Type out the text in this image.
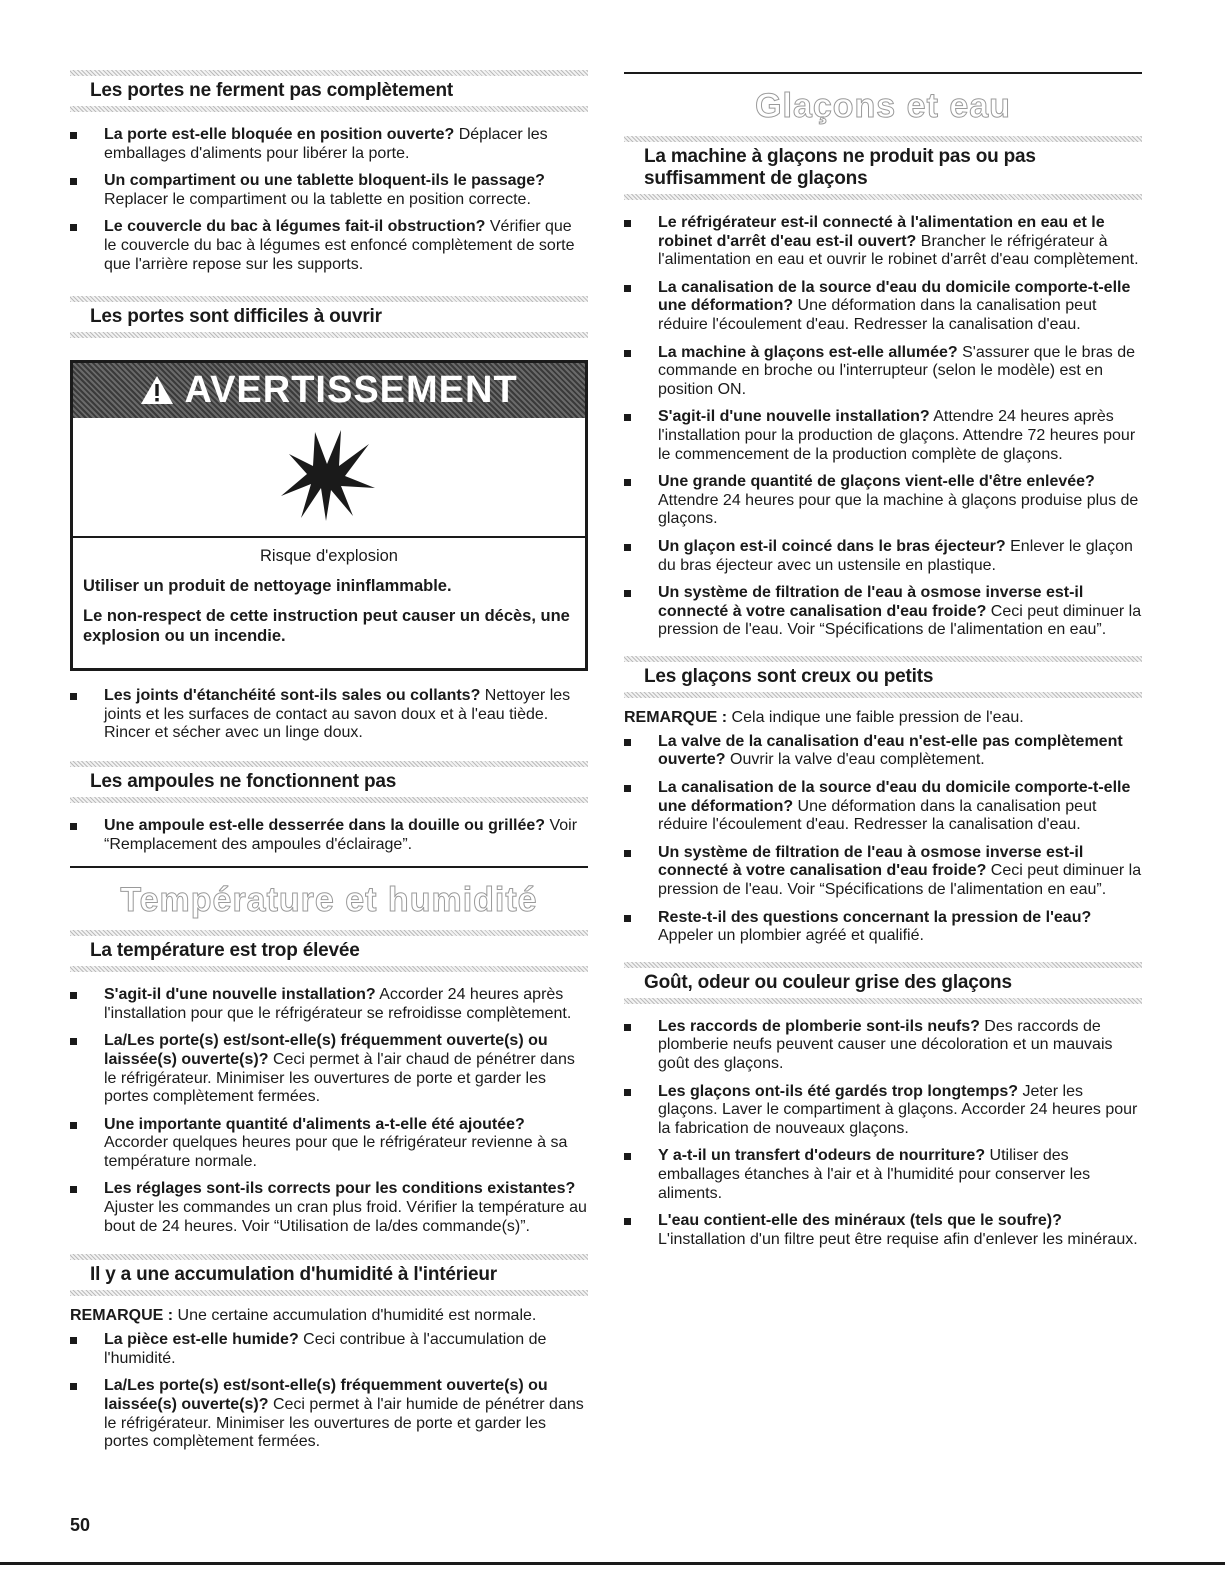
Les portes ne ferment pas complètement
La porte est-elle bloquée en position ouverte? Déplacer les emballages d'aliments pour libérer la porte.
Un compartiment ou une tablette bloquent-ils le passage? Replacer le compartiment ou la tablette en position correcte.
Le couvercle du bac à légumes fait-il obstruction? Vérifier que le couvercle du bac à légumes est enfoncé complètement de sorte que l'arrière repose sur les supports.
Les portes sont difficiles à ouvrir
AVERTISSEMENT

Risque d'explosion

Utiliser un produit de nettoyage ininflammable.

Le non-respect de cette instruction peut causer un décès, une explosion ou un incendie.

Les joints d'étanchéité sont-ils sales ou collants? Nettoyer les joints et les surfaces de contact au savon doux et à l'eau tiède. Rincer et sécher avec un linge doux.
Les ampoules ne fonctionnent pas
Une ampoule est-elle desserrée dans la douille ou grillée? Voir “Remplacement des ampoules d'éclairage”.
Température et humidité
La température est trop élevée
S'agit-il d'une nouvelle installation? Accorder 24 heures après l'installation pour que le réfrigérateur se refroidisse complètement.
La/Les porte(s) est/sont-elle(s) fréquemment ouverte(s) ou laissée(s) ouverte(s)? Ceci permet à l'air chaud de pénétrer dans le réfrigérateur. Minimiser les ouvertures de porte et garder les portes complètement fermées.
Une importante quantité d'aliments a-t-elle été ajoutée? Accorder quelques heures pour que le réfrigérateur revienne à sa température normale.
Les réglages sont-ils corrects pour les conditions existantes? Ajuster les commandes un cran plus froid. Vérifier la température au bout de 24 heures. Voir “Utilisation de la/des commande(s)”.
Il y a une accumulation d'humidité à l'intérieur

REMARQUE : Une certaine accumulation d'humidité est normale.

La pièce est-elle humide? Ceci contribue à l'accumulation de l'humidité.
La/Les porte(s) est/sont-elle(s) fréquemment ouverte(s) ou laissée(s) ouverte(s)? Ceci permet à l'air humide de pénétrer dans le réfrigérateur. Minimiser les ouvertures de porte et garder les portes complètement fermées.
Glaçons et eau
La machine à glaçons ne produit pas ou pas suffisamment de glaçons
Le réfrigérateur est-il connecté à l'alimentation en eau et le robinet d'arrêt d'eau est-il ouvert? Brancher le réfrigérateur à l'alimentation en eau et ouvrir le robinet d'arrêt d'eau complètement.
La canalisation de la source d'eau du domicile comporte-t-elle une déformation? Une déformation dans la canalisation peut réduire l'écoulement d'eau. Redresser la canalisation d'eau.
La machine à glaçons est-elle allumée? S'assurer que le bras de commande en broche ou l'interrupteur (selon le modèle) est en position ON.
S'agit-il d'une nouvelle installation? Attendre 24 heures après l'installation pour la production de glaçons. Attendre 72 heures pour le commencement de la production complète de glaçons.
Une grande quantité de glaçons vient-elle d'être enlevée? Attendre 24 heures pour que la machine à glaçons produise plus de glaçons.
Un glaçon est-il coincé dans le bras éjecteur? Enlever le glaçon du bras éjecteur avec un ustensile en plastique.
Un système de filtration de l'eau à osmose inverse est-il connecté à votre canalisation d'eau froide? Ceci peut diminuer la pression de l'eau. Voir “Spécifications de l'alimentation en eau”.
Les glaçons sont creux ou petits

REMARQUE : Cela indique une faible pression de l'eau.

La valve de la canalisation d'eau n'est-elle pas complètement ouverte? Ouvrir la valve d'eau complètement.
La canalisation de la source d'eau du domicile comporte-t-elle une déformation? Une déformation dans la canalisation peut réduire l'écoulement d'eau. Redresser la canalisation d'eau.
Un système de filtration de l'eau à osmose inverse est-il connecté à votre canalisation d'eau froide? Ceci peut diminuer la pression de l'eau. Voir “Spécifications de l'alimentation en eau”.
Reste-t-il des questions concernant la pression de l'eau? Appeler un plombier agréé et qualifié.
Goût, odeur ou couleur grise des glaçons
Les raccords de plomberie sont-ils neufs? Des raccords de plomberie neufs peuvent causer une décoloration et un mauvais goût des glaçons.
Les glaçons ont-ils été gardés trop longtemps? Jeter les glaçons. Laver le compartiment à glaçons. Accorder 24 heures pour la fabrication de nouveaux glaçons.
Y a-t-il un transfert d'odeurs de nourriture? Utiliser des emballages étanches à l'air et à l'humidité pour conserver les aliments.
L'eau contient-elle des minéraux (tels que le soufre)? L'installation d'un filtre peut être requise afin d'enlever les minéraux.
50
